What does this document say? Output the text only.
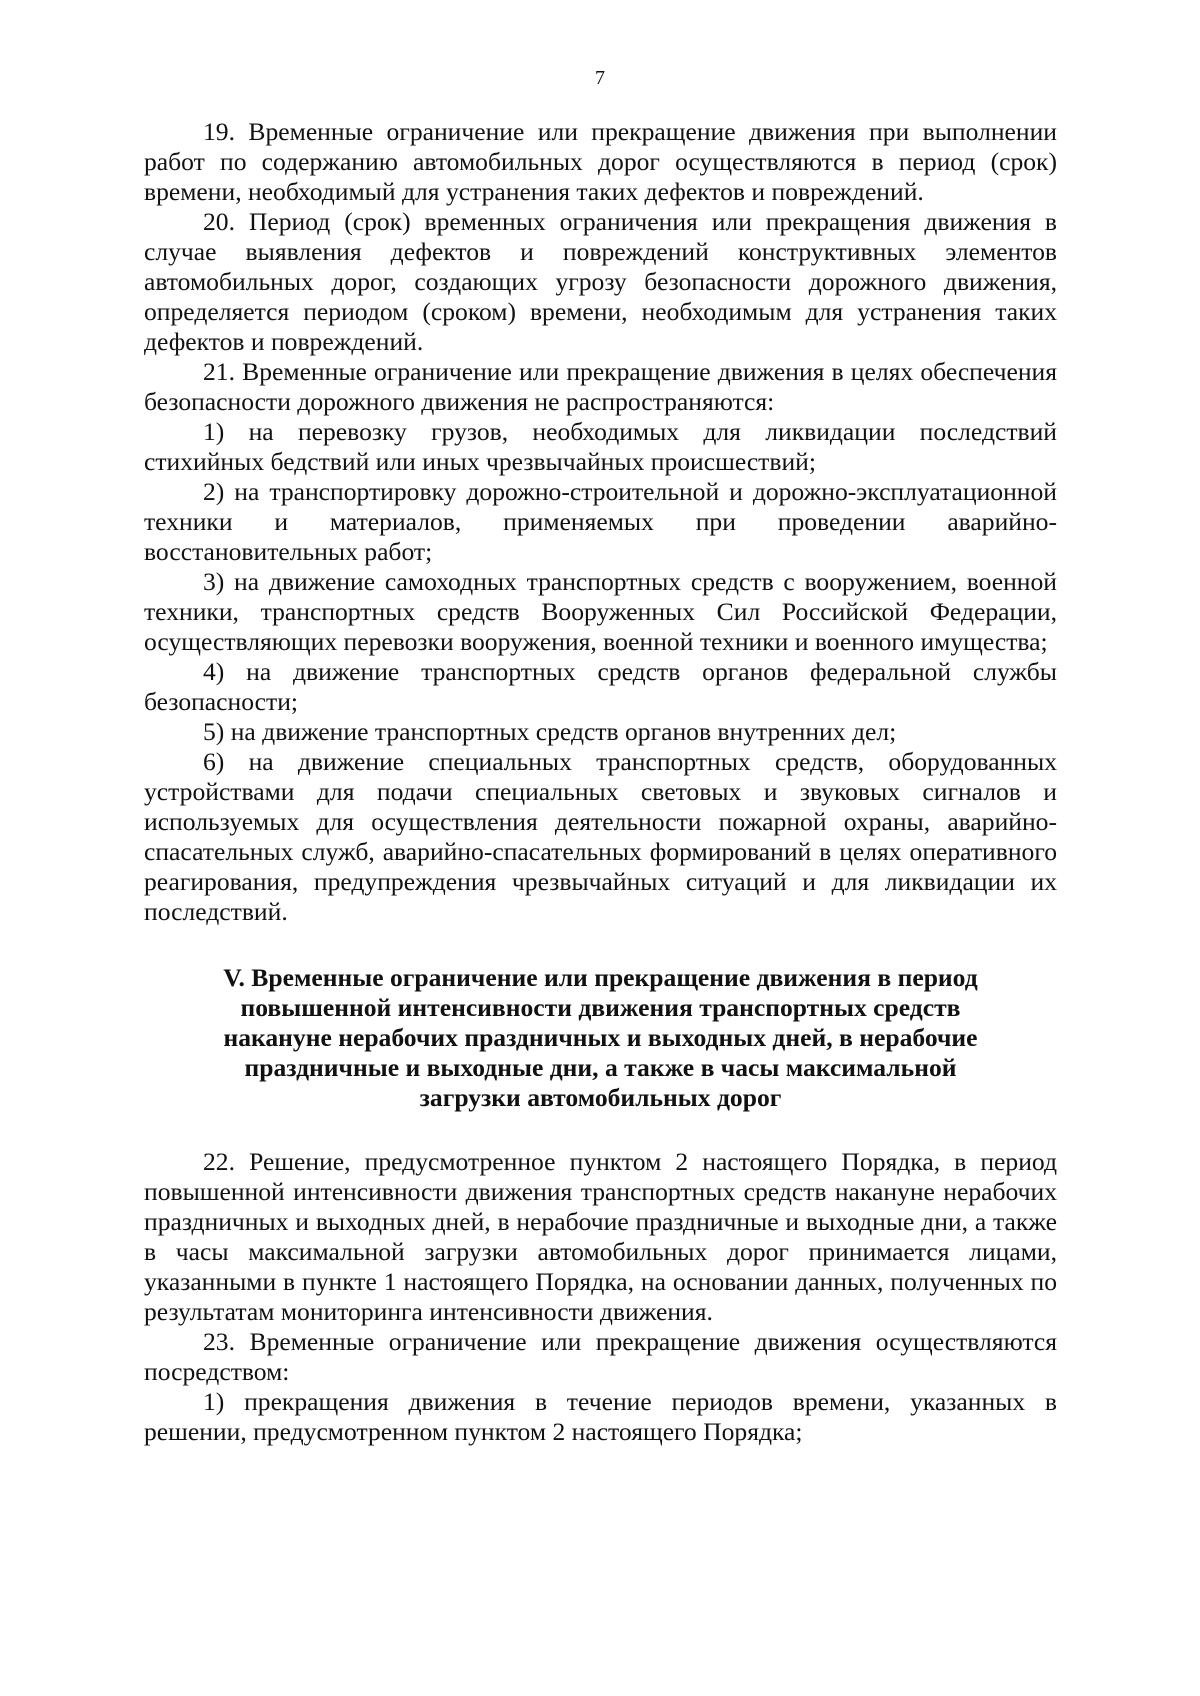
7

19. Временные ограничение или прекращение движения при выполнении работ по содержанию автомобильных дорог осуществляются в период (срок) времени, необходимый для устранения таких дефектов и повреждений.

20. Период (срок) временных ограничения или прекращения движения в случае выявления дефектов и повреждений конструктивных элементов автомобильных дорог, создающих угрозу безопасности дорожного движения, определяется периодом (сроком) времени, необходимым для устранения таких дефектов и повреждений.

21. Временные ограничение или прекращение движения в целях обеспечения безопасности дорожного движения не распространяются:

1) на перевозку грузов, необходимых для ликвидации последствий стихийных бедствий или иных чрезвычайных происшествий;

2) на транспортировку дорожно-строительной и дорожно-эксплуатационной техники и материалов, применяемых при проведении аварийно-восстановительных работ;

3) на движение самоходных транспортных средств с вооружением, военной техники, транспортных средств Вооруженных Сил Российской Федерации, осуществляющих перевозки вооружения, военной техники и военного имущества;

4) на движение транспортных средств органов федеральной службы безопасности;

5) на движение транспортных средств органов внутренних дел;

6) на движение специальных транспортных средств, оборудованных устройствами для подачи специальных световых и звуковых сигналов и используемых для осуществления деятельности пожарной охраны, аварийно-спасательных служб, аварийно-спасательных формирований в целях оперативного реагирования, предупреждения чрезвычайных ситуаций и для ликвидации их последствий.

V. Временные ограничение или прекращение движения в период
повышенной интенсивности движения транспортных средств
накануне нерабочих праздничных и выходных дней, в нерабочие
праздничные и выходные дни, а также в часы максимальной
загрузки автомобильных дорог

22. Решение, предусмотренное пунктом 2 настоящего Порядка, в период повышенной интенсивности движения транспортных средств накануне нерабочих праздничных и выходных дней, в нерабочие праздничные и выходные дни, а также в часы максимальной загрузки автомобильных дорог принимается лицами, указанными в пункте 1 настоящего Порядка, на основании данных, полученных по результатам мониторинга интенсивности движения.

23. Временные ограничение или прекращение движения осуществляются посредством:

1) прекращения движения в течение периодов времени, указанных в решении, предусмотренном пунктом 2 настоящего Порядка;
